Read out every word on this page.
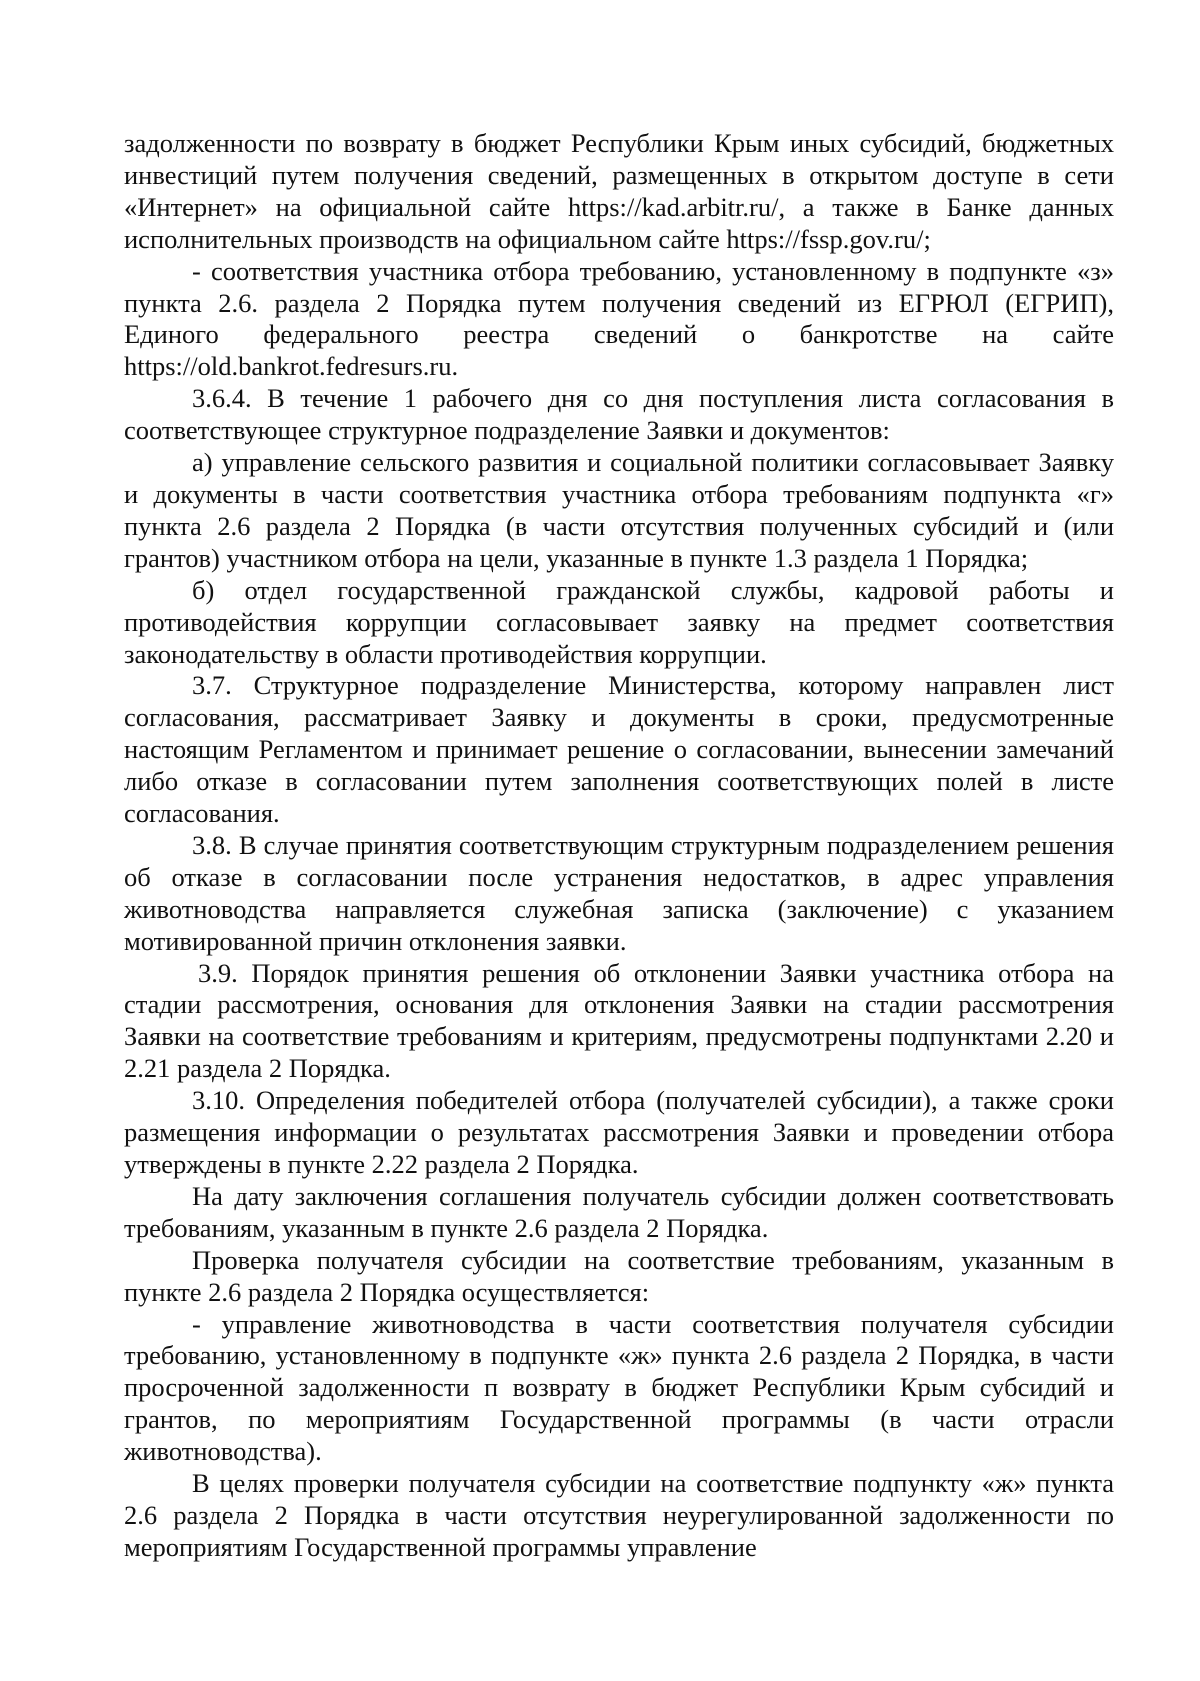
задолженности по возврату в бюджет Республики Крым иных субсидий, бюджетных инвестиций путем получения сведений, размещенных в открытом доступе в сети «Интернет» на официальной сайте https://kad.arbitr.ru/, а также в Банке данных исполнительных производств на официальном сайте https://fssp.gov.ru/;

- соответствия участника отбора требованию, установленному в подпункте «з» пункта 2.6. раздела 2 Порядка путем получения сведений из ЕГРЮЛ (ЕГРИП), Единого федерального реестра сведений о банкротстве на сайте https://old.bankrot.fedresurs.ru.

3.6.4. В течение 1 рабочего дня со дня поступления листа согласования в соответствующее структурное подразделение Заявки и документов:

а) управление сельского развития и социальной политики согласовывает Заявку и документы в части соответствия участника отбора требованиям подпункта «г» пункта 2.6 раздела 2 Порядка (в части отсутствия полученных субсидий и (или грантов) участником отбора на цели, указанные в пункте 1.3 раздела 1 Порядка;

б) отдел государственной гражданской службы, кадровой работы и противодействия коррупции согласовывает заявку на предмет соответствия законодательству в области противодействия коррупции.

3.7. Структурное подразделение Министерства, которому направлен лист согласования, рассматривает Заявку и документы в сроки, предусмотренные настоящим Регламентом и принимает решение о согласовании, вынесении замечаний либо отказе в согласовании путем заполнения соответствующих полей в листе согласования.

3.8. В случае принятия соответствующим структурным подразделением решения об отказе в согласовании после устранения недостатков, в адрес управления животноводства направляется служебная записка (заключение) с указанием мотивированной причин отклонения заявки.

3.9. Порядок принятия решения об отклонении Заявки участника отбора на стадии рассмотрения, основания для отклонения Заявки на стадии рассмотрения Заявки на соответствие требованиям и критериям, предусмотрены подпунктами 2.20 и 2.21 раздела 2 Порядка.

3.10. Определения победителей отбора (получателей субсидии), а также сроки размещения информации о результатах рассмотрения Заявки и проведении отбора утверждены в пункте 2.22 раздела 2 Порядка.

На дату заключения соглашения получатель субсидии должен соответствовать требованиям, указанным в пункте 2.6 раздела 2 Порядка.

Проверка получателя субсидии на соответствие требованиям, указанным в пункте 2.6 раздела 2 Порядка осуществляется:

- управление животноводства в части соответствия получателя субсидии требованию, установленному в подпункте «ж» пункта 2.6 раздела 2 Порядка, в части просроченной задолженности п возврату в бюджет Республики Крым субсидий и грантов, по мероприятиям Государственной программы (в части отрасли животноводства).

В целях проверки получателя субсидии на соответствие подпункту «ж» пункта 2.6 раздела 2 Порядка в части отсутствия неурегулированной задолженности по мероприятиям Государственной программы управление
